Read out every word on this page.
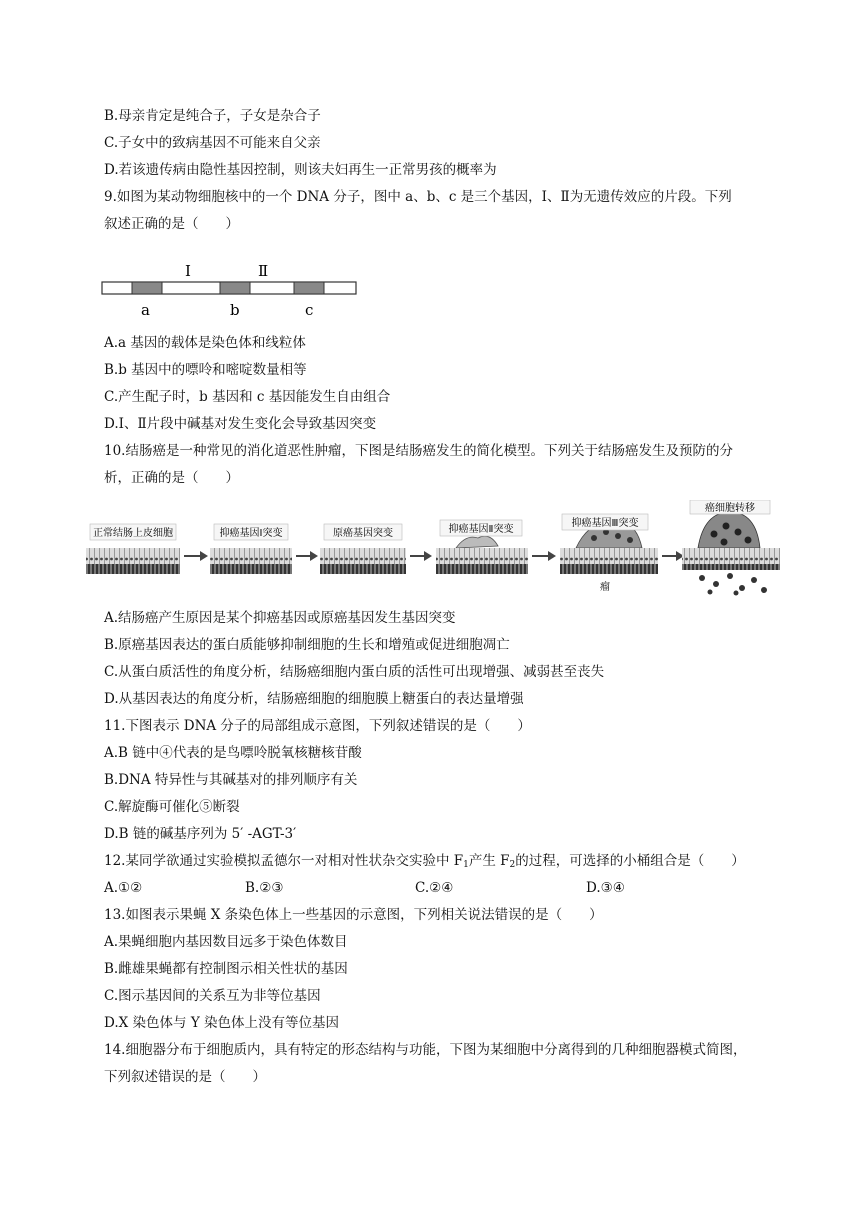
B.母亲肯定是纯合子，子女是杂合子
C.子女中的致病基因不可能来自父亲
D.若该遗传病由隐性基因控制，则该夫妇再生一正常男孩的概率为
9.如图为某动物细胞核中的一个 DNA 分子，图中 a、b、c 是三个基因，Ⅰ、Ⅱ为无遗传效应的片段。下列
叙述正确的是（　　）
Ⅰ	Ⅱ
a	b	c
A.a 基因的载体是染色体和线粒体
B.b 基因中的嘌呤和嘧啶数量相等
C.产生配子时，b 基因和 c 基因能发生自由组合
D.Ⅰ、Ⅱ片段中碱基对发生变化会导致基因突变
10.结肠癌是一种常见的消化道恶性肿瘤，下图是结肠癌发生的简化模型。下列关于结肠癌发生及预防的分
析，正确的是（　　）
正常结肠上皮细胞	抑癌基因Ⅰ突变	原癌基因突变	抑癌基因Ⅱ突变
抑癌基因Ⅲ突变
瘤
癌细胞转移
A.结肠癌产生原因是某个抑癌基因或原癌基因发生基因突变
B.原癌基因表达的蛋白质能够抑制细胞的生长和增殖或促进细胞凋亡
C.从蛋白质活性的角度分析，结肠癌细胞内蛋白质的活性可出现增强、减弱甚至丧失
D.从基因表达的角度分析，结肠癌细胞的细胞膜上糖蛋白的表达量增强
11.下图表示 DNA 分子的局部组成示意图，下列叙述错误的是（　　）
A.B 链中④代表的是鸟嘌呤脱氧核糖核苷酸
B.DNA 特异性与其碱基对的排列顺序有关
C.解旋酶可催化⑤断裂
D.B 链的碱基序列为 5′ -AGT-3′
12.某同学欲通过实验模拟孟德尔一对相对性状杂交实验中 $F_1$产生 $F_2$的过程，可选择的小桶组合是（　　）
A.①②	B.②③	C.②④	D.③④
13.如图表示果蝇 X 条染色体上一些基因的示意图，下列相关说法错误的是（　　）
A.果蝇细胞内基因数目远多于染色体数目
B.雌雄果蝇都有控制图示相关性状的基因
C.图示基因间的关系互为非等位基因
D.X 染色体与 Y 染色体上没有等位基因
14.细胞器分布于细胞质内，具有特定的形态结构与功能，下图为某细胞中分离得到的几种细胞器模式简图，
下列叙述错误的是（　　）
